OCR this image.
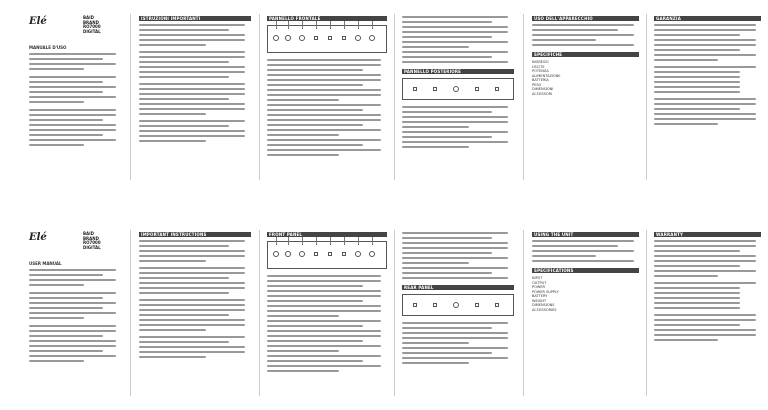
Elé	BAID
BRAND
RO7000
DIGITAL
MANUALE D'USO
ISTRUZIONI IMPORTANTI	PANNELLO FRONTALE
PANNELLO POSTERIORE
USO DELL'APPARECCHIO
SPECIFICHE
INGRESSI
USCITE
POTENZA
ALIMENTAZIONE
BATTERIA
PESO
DIMENSIONI
ACCESSORI
GARANZIA
Elé	BAID
BRAND
RO7000
DIGITAL
USER MANUAL
IMPORTANT INSTRUCTIONS	FRONT PANEL
REAR PANEL
USING THE UNIT
SPECIFICATIONS
INPUT
OUTPUT
POWER
POWER SUPPLY
BATTERY
WEIGHT
DIMENSIONS
ACCESSORIES
WARRANTY
